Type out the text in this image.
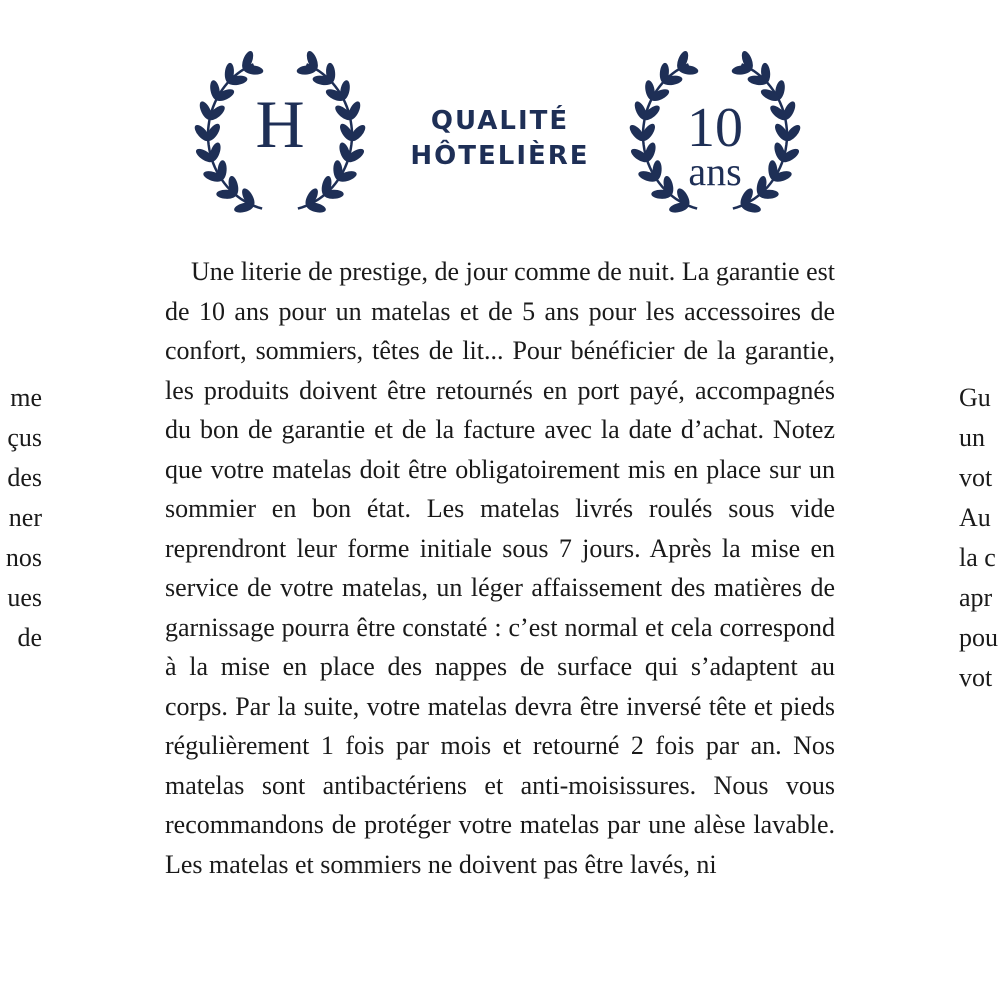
H	QUALITÉ
HÔTELIÈRE	10
ans

Une literie de prestige, de jour comme de nuit. La garantie est de 10 ans pour un matelas et de 5 ans pour les accessoires de confort, sommiers, têtes de lit... Pour bénéficier de la garantie, les produits doivent être retournés en port payé, accompagnés du bon de garantie et de la facture avec la date d’achat. Notez que votre matelas doit être obligatoirement mis en place sur un sommier en bon état. Les matelas livrés roulés sous vide reprendront leur forme initiale sous 7 jours. Après la mise en service de votre matelas, un léger affaissement des matières de garnissage pourra être constaté : c’est normal et cela correspond à la mise en place des nappes de surface qui s’adaptent au corps. Par la suite, votre matelas devra être inversé tête et pieds régulièrement 1 fois par mois et retourné 2 fois par an. Nos matelas sont antibactériens et anti-moisissures. Nous vous recommandons de protéger votre matelas par une alèse lavable. Les matelas et sommiers ne doivent pas être lavés, ni

me
çus
des
ner
nos
ues
de
Gu
un
vot
Au
la c
apr
pou
vot
